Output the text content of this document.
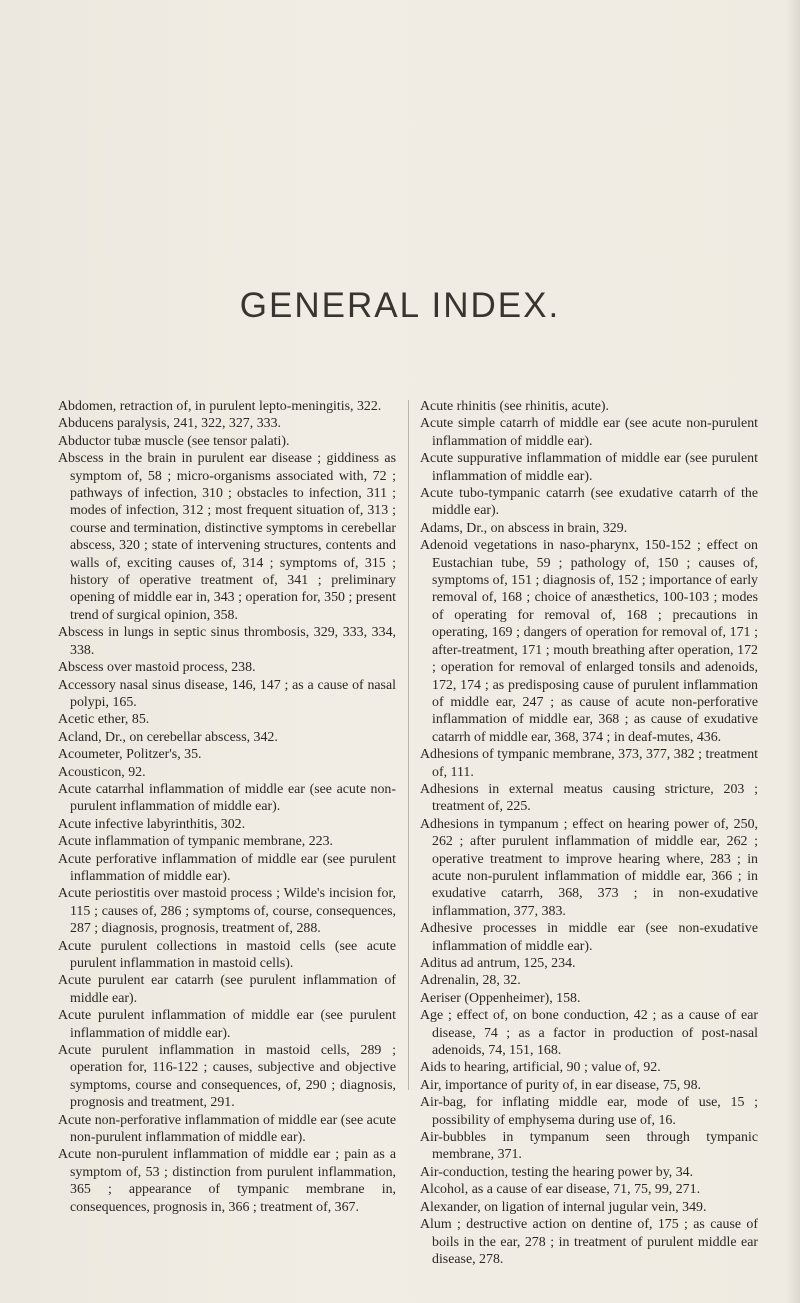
GENERAL INDEX.

Abdomen, retraction of, in purulent lepto-meningitis, 322.

Abducens paralysis, 241, 322, 327, 333.

Abductor tubæ muscle (see tensor palati).

Abscess in the brain in purulent ear disease ; giddiness as symptom of, 58 ; micro-organisms associated with, 72 ; pathways of infection, 310 ; obstacles to infection, 311 ; modes of infection, 312 ; most frequent situation of, 313 ; course and termination, distinctive symptoms in cerebellar abscess, 320 ; state of intervening structures, contents and walls of, exciting causes of, 314 ; symptoms of, 315 ; history of operative treatment of, 341 ; preliminary opening of middle ear in, 343 ; operation for, 350 ; present trend of surgical opinion, 358.

Abscess in lungs in septic sinus thrombosis, 329, 333, 334, 338.

Abscess over mastoid process, 238.

Accessory nasal sinus disease, 146, 147 ; as a cause of nasal polypi, 165.

Acetic ether, 85.

Acland, Dr., on cerebellar abscess, 342.

Acoumeter, Politzer's, 35.

Acousticon, 92.

Acute catarrhal inflammation of middle ear (see acute non-purulent inflammation of middle ear).

Acute infective labyrinthitis, 302.

Acute inflammation of tympanic membrane, 223.

Acute perforative inflammation of middle ear (see purulent inflammation of middle ear).

Acute periostitis over mastoid process ; Wilde's incision for, 115 ; causes of, 286 ; symptoms of, course, consequences, 287 ; diagnosis, prognosis, treatment of, 288.

Acute purulent collections in mastoid cells (see acute purulent inflammation in mastoid cells).

Acute purulent ear catarrh (see purulent inflammation of middle ear).

Acute purulent inflammation of middle ear (see purulent inflammation of middle ear).

Acute purulent inflammation in mastoid cells, 289 ; operation for, 116-122 ; causes, subjective and objective symptoms, course and consequences, of, 290 ; diagnosis, prognosis and treatment, 291.

Acute non-perforative inflammation of middle ear (see acute non-purulent inflammation of middle ear).

Acute non-purulent inflammation of middle ear ; pain as a symptom of, 53 ; distinction from purulent inflammation, 365 ; appearance of tympanic membrane in, consequences, prognosis in, 366 ; treatment of, 367.

Acute rhinitis (see rhinitis, acute).

Acute simple catarrh of middle ear (see acute non-purulent inflammation of middle ear).

Acute suppurative inflammation of middle ear (see purulent inflammation of middle ear).

Acute tubo-tympanic catarrh (see exudative catarrh of the middle ear).

Adams, Dr., on abscess in brain, 329.

Adenoid vegetations in naso-pharynx, 150-152 ; effect on Eustachian tube, 59 ; pathology of, 150 ; causes of, symptoms of, 151 ; diagnosis of, 152 ; importance of early removal of, 168 ; choice of anæsthetics, 100-103 ; modes of operating for removal of, 168 ; precautions in operating, 169 ; dangers of operation for removal of, 171 ; after-treatment, 171 ; mouth breathing after operation, 172 ; operation for removal of enlarged tonsils and adenoids, 172, 174 ; as predisposing cause of purulent inflammation of middle ear, 247 ; as cause of acute non-perforative inflammation of middle ear, 368 ; as cause of exudative catarrh of middle ear, 368, 374 ; in deaf-mutes, 436.

Adhesions of tympanic membrane, 373, 377, 382 ; treatment of, 111.

Adhesions in external meatus causing stricture, 203 ; treatment of, 225.

Adhesions in tympanum ; effect on hearing power of, 250, 262 ; after purulent inflammation of middle ear, 262 ; operative treatment to improve hearing where, 283 ; in acute non-purulent inflammation of middle ear, 366 ; in exudative catarrh, 368, 373 ; in non-exudative inflammation, 377, 383.

Adhesive processes in middle ear (see non-exudative inflammation of middle ear).

Aditus ad antrum, 125, 234.

Adrenalin, 28, 32.

Aeriser (Oppenheimer), 158.

Age ; effect of, on bone conduction, 42 ; as a cause of ear disease, 74 ; as a factor in production of post-nasal adenoids, 74, 151, 168.

Aids to hearing, artificial, 90 ; value of, 92.

Air, importance of purity of, in ear disease, 75, 98.

Air-bag, for inflating middle ear, mode of use, 15 ; possibility of emphysema during use of, 16.

Air-bubbles in tympanum seen through tympanic membrane, 371.

Air-conduction, testing the hearing power by, 34.

Alcohol, as a cause of ear disease, 71, 75, 99, 271.

Alexander, on ligation of internal jugular vein, 349.

Alum ; destructive action on dentine of, 175 ; as cause of boils in the ear, 278 ; in treatment of purulent middle ear disease, 278.
